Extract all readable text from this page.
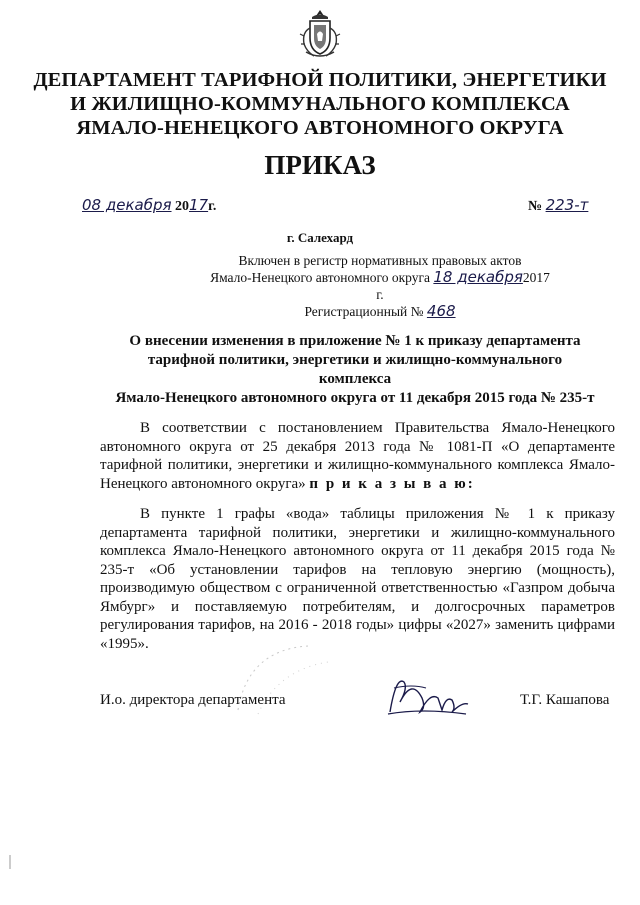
ДЕПАРТАМЕНТ ТАРИФНОЙ ПОЛИТИКИ, ЭНЕРГЕТИКИ
И ЖИЛИЩНО-КОММУНАЛЬНОГО КОМПЛЕКСА
ЯМАЛО-НЕНЕЦКОГО АВТОНОМНОГО ОКРУГА
ПРИКАЗ
08 декабря 2017г.	№ 223-т
г. Салехард
Включен в регистр нормативных правовых актов
Ямало-Ненецкого автономного округа 18 декабря2017 г.
Регистрационный № 468
О внесении изменения в приложение № 1 к приказу департамента
тарифной политики, энергетики и жилищно-коммунального комплекса
Ямало-Ненецкого автономного округа от 11 декабря 2015 года № 235-т
В соответствии с постановлением Правительства Ямало-Ненецкого автономного округа от 25 декабря 2013 года № 1081-П «О департаменте тарифной политики, энергетики и жилищно-коммунального комплекса Ямало-Ненецкого автономного округа» п р и к а з ы в а ю:
В пункте 1 графы «вода» таблицы приложения № 1 к приказу департамента тарифной политики, энергетики и жилищно-коммунального комплекса Ямало-Ненецкого автономного округа от 11 декабря 2015 года № 235-т «Об установлении тарифов на тепловую энергию (мощность), производимую обществом с ограниченной ответственностью «Газпром добыча Ямбург» и поставляемую потребителям, и долгосрочных параметров регулирования тарифов, на 2016 - 2018 годы» цифры «2027» заменить цифрами «1995».
И.о. директора департамента	Т.Г. Кашапова
